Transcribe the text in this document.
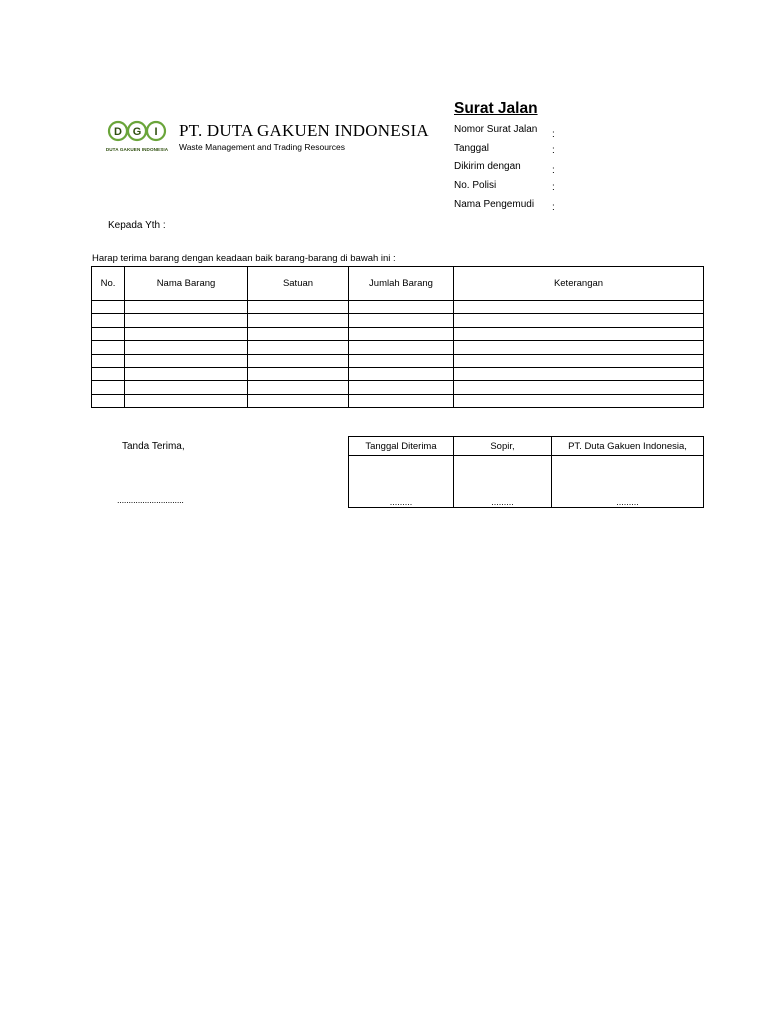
D G I
DUTA GAKUEN INDONESIA
PT. DUTA GAKUEN INDONESIA
Waste Management and Trading Resources
Surat Jalan
Nomor Surat Jalan :
Tanggal	:
Dikirim dengan	:
No. Polisi	:
Nama Pengemudi :
Kepada Yth :
Harap terima barang dengan keadaan baik barang-barang di bawah ini :
No.	Nama Barang	Satuan	Jumlah Barang	Keterangan

Tanda Terima,
.............................
Tanggal Diterima	Sopir,	PT. Duta Gakuen Indonesia,
.........	.........	.........
